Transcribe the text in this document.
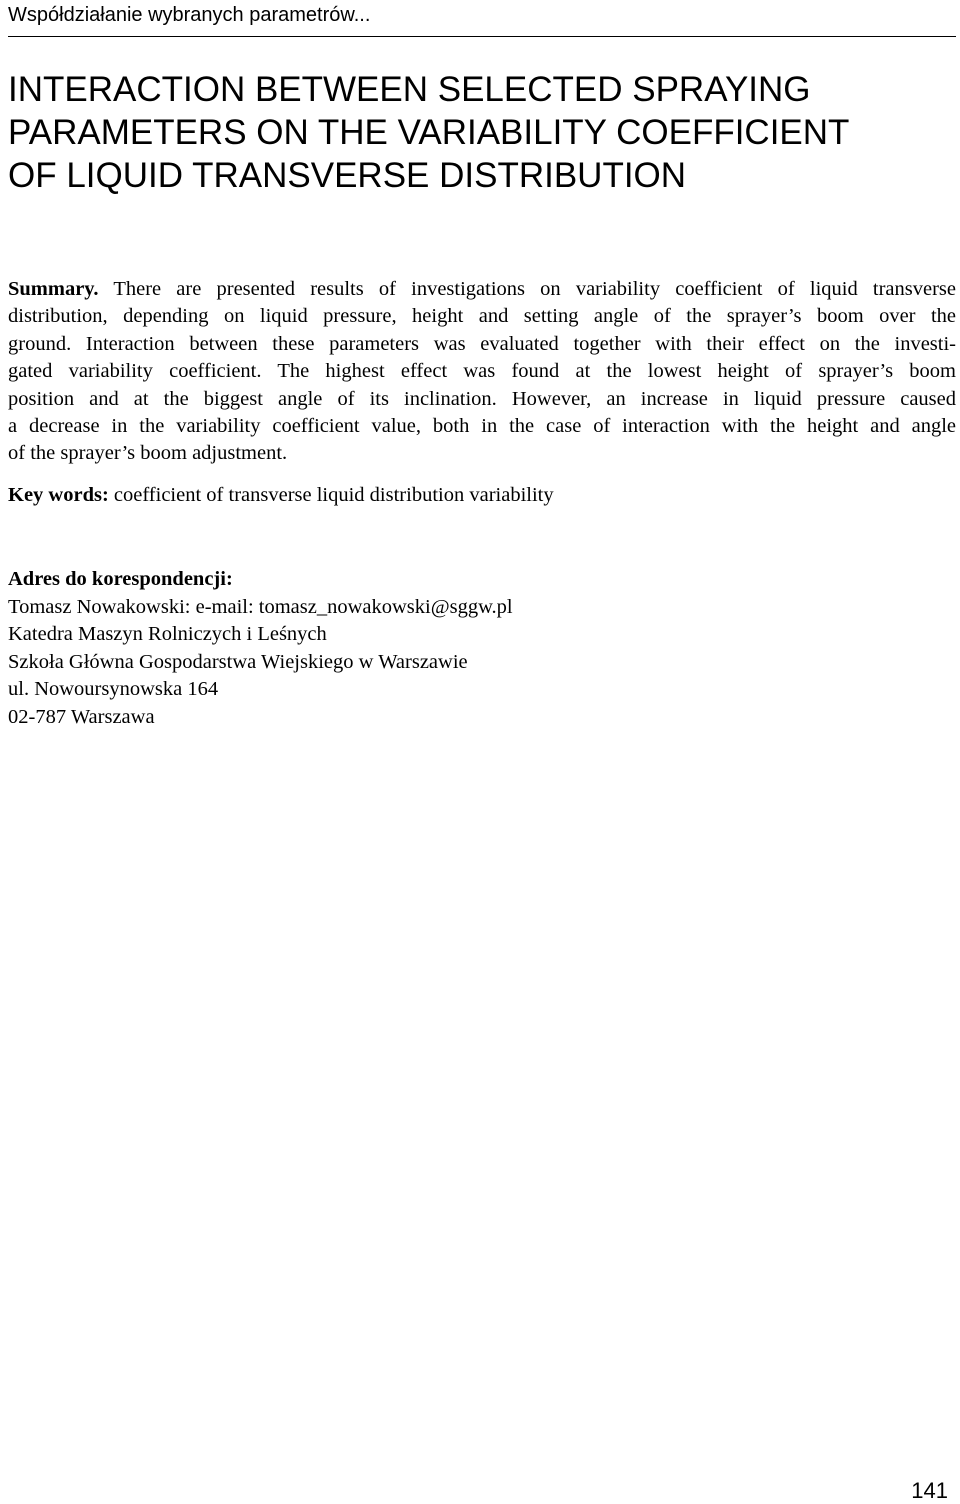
Współdziałanie wybranych parametrów...
INTERACTION BETWEEN SELECTED SPRAYING
PARAMETERS ON THE VARIABILITY COEFFICIENT
OF LIQUID TRANSVERSE DISTRIBUTION
Summary. There are presented results of investigations on variability coefficient of liquid transverse
distribution, depending on liquid pressure, height and setting angle of the sprayer’s boom over the
ground. Interaction between these parameters was evaluated together with their effect on the investi-
gated variability coefficient. The highest effect was found at the lowest height of sprayer’s boom
position and at the biggest angle of its inclination. However, an increase in liquid pressure caused
a decrease in the variability coefficient value, both in the case of interaction with the height and angle
of the sprayer’s boom adjustment.
Key words: coefficient of transverse liquid distribution variability
Adres do korespondencji:
Tomasz Nowakowski: e-mail: tomasz_nowakowski@sggw.pl
Katedra Maszyn Rolniczych i Leśnych
Szkoła Główna Gospodarstwa Wiejskiego w Warszawie
ul. Nowoursynowska 164
02-787 Warszawa
141
